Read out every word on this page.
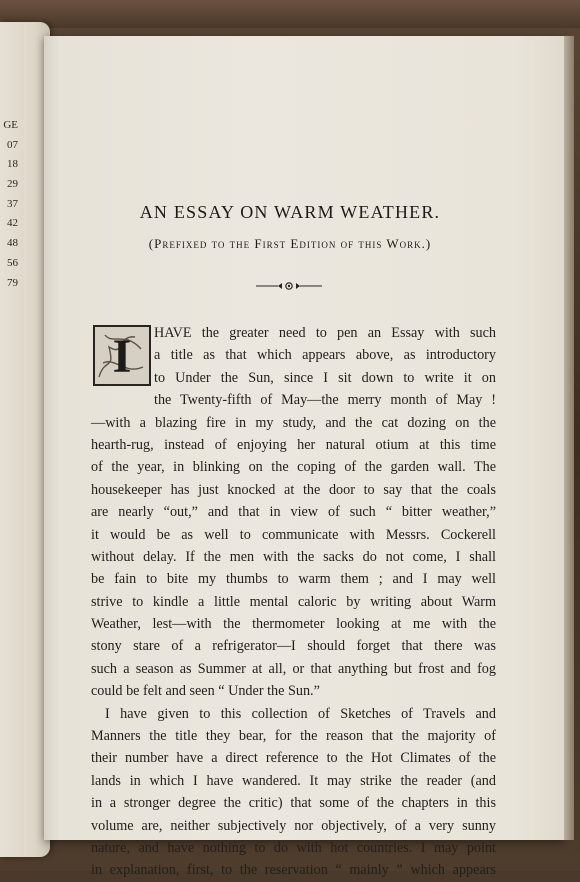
GE
07
18
29
37
42
48
56
79
AN ESSAY ON WARM WEATHER.
(Prefixed to the First Edition of this Work.)
I	HAVE the greater need to pen an Essay with such
a title as that which appears above, as introductory
to Under the Sun, since I sit down to write it on
the Twenty-fifth of May—the merry month of May !
—with a blazing fire in my study, and the cat dozing on the
hearth-rug, instead of enjoying her natural otium at this time
of the year, in blinking on the coping of the garden wall. The
housekeeper has just knocked at the door to say that the coals
are nearly “out,” and that in view of such “ bitter weather,”
it would be as well to communicate with Messrs. Cockerell
without delay. If the men with the sacks do not come, I shall
be fain to bite my thumbs to warm them ; and I may well
strive to kindle a little mental caloric by writing about Warm
Weather, lest—with the thermometer looking at me with the
stony stare of a refrigerator—I should forget that there was
such a season as Summer at all, or that anything but frost and fog
could be felt and seen “ Under the Sun.”
I have given to this collection of Sketches of Travels and
Manners the title they bear, for the reason that the majority of
their number have a direct reference to the Hot Climates of the
lands in which I have wandered. It may strike the reader (and
in a stronger degree the critic) that some of the chapters in this
volume are, neither subjectively nor objectively, of a very sunny
nature, and have nothing to do with hot countries. I may point
in explanation, first, to the reservation “ mainly ” which appears
